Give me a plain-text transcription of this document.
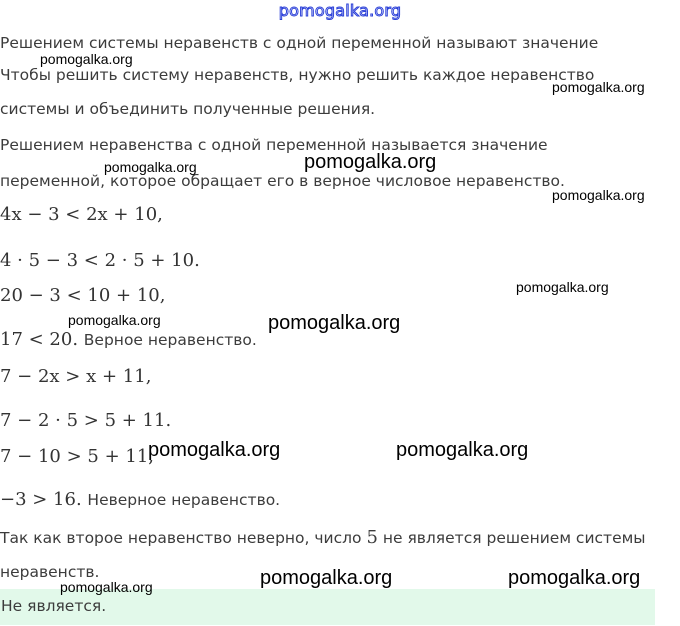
pomogalka.org
Решением системы неравенств с одной переменной называют значение
Чтобы решить систему неравенств, нужно решить каждое неравенство
системы и объединить полученные решения.
Решением неравенства с одной переменной называется значение
переменной, которое обращает его в верное числовое неравенство.
4x − 3 < 2x + 10,
4 · 5 − 3 < 2 · 5 + 10.
20 − 3 < 10 + 10,
17 < 20. Верное неравенство.
7 − 2x > x + 11,
7 − 2 · 5 > 5 + 11.
7 − 10 > 5 + 11,
−3 > 16. Неверное неравенство.
Так как второе неравенство неверно, число 5 не является решением системы
неравенств.
Не является.
pomogalka.org
pomogalka.org
pomogalka.org	pomogalka.org
pomogalka.org
pomogalka.org
pomogalka.org	pomogalka.org
pomogalka.org	pomogalka.org
pomogalka.org	pomogalka.org
pomogalka.org
